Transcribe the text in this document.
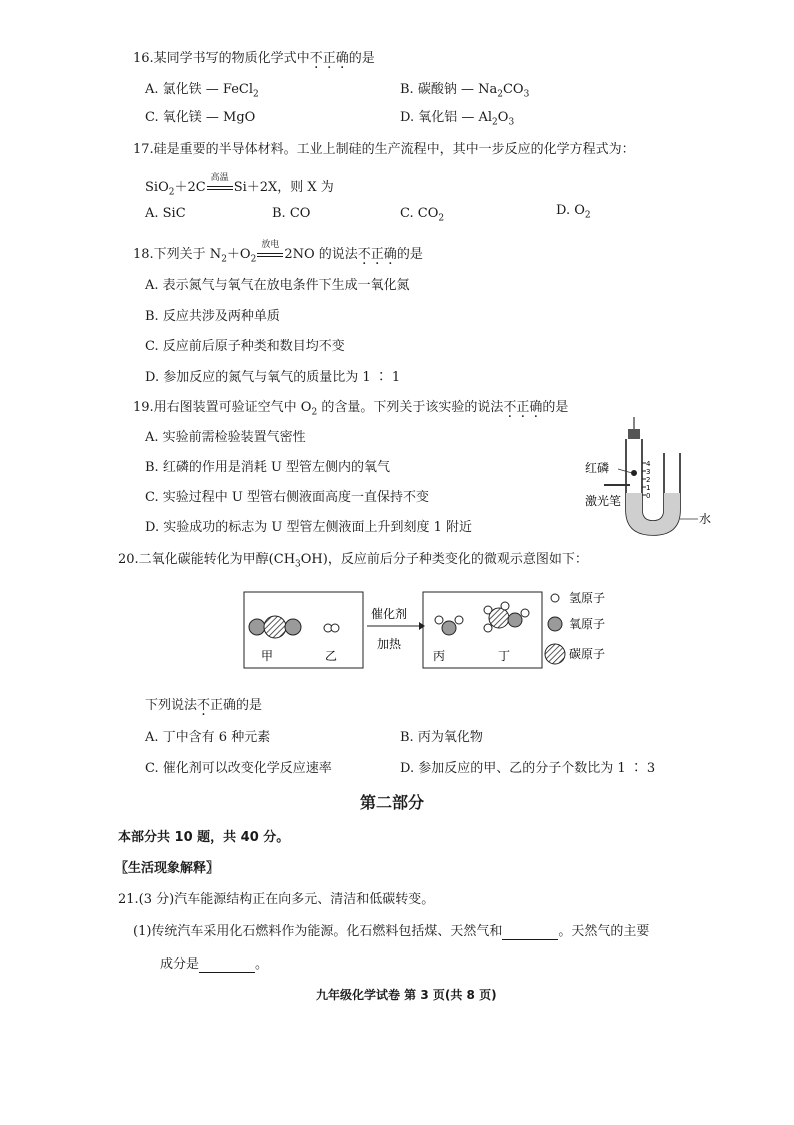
16.某同学书写的物质化学式中不正确的是
A. 氯化铁 — FeCl$_2$	B. 碳酸钠 — $Na_2CO_3$
C. 氧化镁 — MgO	D. 氧化铝 — $Al_2O_3$
17.硅是重要的半导体材料。工业上制硅的生产流程中，其中一步反应的化学方程式为：
SiO$_2$＋2C
高温
Si＋2X，则 X 为
A. SiC	B. CO	C. $CO_2$
D. $O_2$
18.下列关于 $N_2+O_2$
放电
2NO 的说法不正确的是
A. 表示氮气与氧气在放电条件下生成一氧化氮
B. 反应共涉及两种单质
C. 反应前后原子种类和数目均不变
D. 参加反应的氮气与氧气的质量比为 1 ∶ 1
19.用右图装置可验证空气中 $O_2$ 的含量。下列关于该实验的说法不正确的是
A. 实验前需检验装置气密性
B. 红磷的作用是消耗 U 型管左侧内的氧气
C. 实验过程中 U 型管右侧液面高度一直保持不变
D. 实验成功的标志为 U 型管左侧液面上升到刻度 1 附近
4
3
2
1
0
红磷
激光笔
水
20.二氧化碳能转化为甲醇$(CH_3OH)$，反应前后分子种类变化的微观示意图如下：
甲	乙
催化剂
加热
丙	丁
氢原子
氧原子
碳原子
下列说法不正确的是
A. 丁中含有 6 种元素	B. 丙为氧化物
C. 催化剂可以改变化学反应速率	D. 参加反应的甲、乙的分子个数比为 1 ∶ 3
第二部分
本部分共 10 题，共 40 分。
〖生活现象解释〗
21.(3 分)汽车能源结构正在向多元、清洁和低碳转变。
(1)传统汽车采用化石燃料作为能源。化石燃料包括煤、天然气和	。天然气的主要
成分是	。
九年级化学试卷 第 3 页(共 8 页)
